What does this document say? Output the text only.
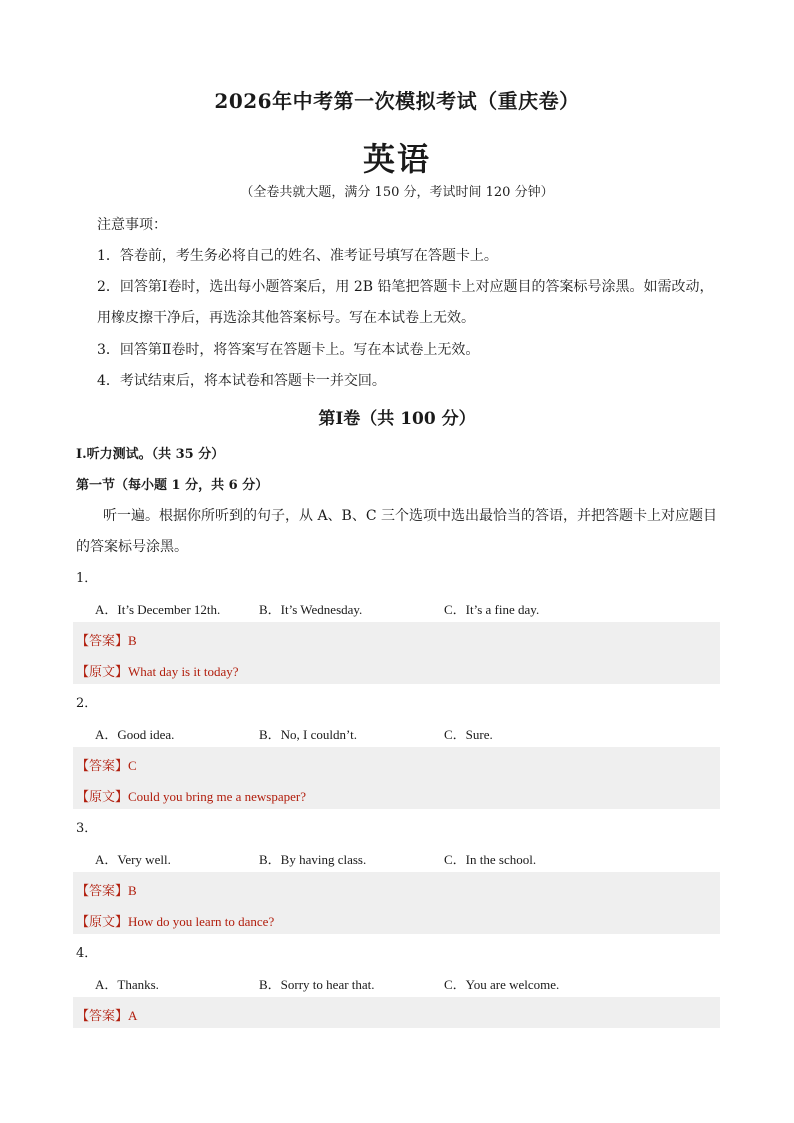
2026年中考第一次模拟考试（重庆卷）
英语
（全卷共就大题，满分 150 分，考试时间 120 分钟）
注意事项：
1．答卷前，考生务必将自己的姓名、准考证号填写在答题卡上。
2．回答第Ⅰ卷时，选出每小题答案后，用 2B 铅笔把答题卡上对应题目的答案标号涂黑。如需改动，
用橡皮擦干净后，再选涂其他答案标号。写在本试卷上无效。
3．回答第Ⅱ卷时，将答案写在答题卡上。写在本试卷上无效。
4．考试结束后，将本试卷和答题卡一并交回。
第Ⅰ卷（共 100 分）
I.听力测试。（共 35 分）
第一节（每小题 1 分，共 6 分）
听一遍。根据你所听到的句子，从 A、B、C 三个选项中选出最恰当的答语，并把答题卡上对应题目
的答案标号涂黑。
1．
A．It’s December 12th.	B．It’s Wednesday.	C．It’s a fine day.
【答案】B
【原文】What day is it today?
2．
A．Good idea.	B．No, I couldn’t.	C．Sure.
【答案】C
【原文】Could you bring me a newspaper?
3．
A．Very well.	B．By having class.	C．In the school.
【答案】B
【原文】How do you learn to dance?
4．
A．Thanks.	B．Sorry to hear that.	C．You are welcome.
【答案】A
